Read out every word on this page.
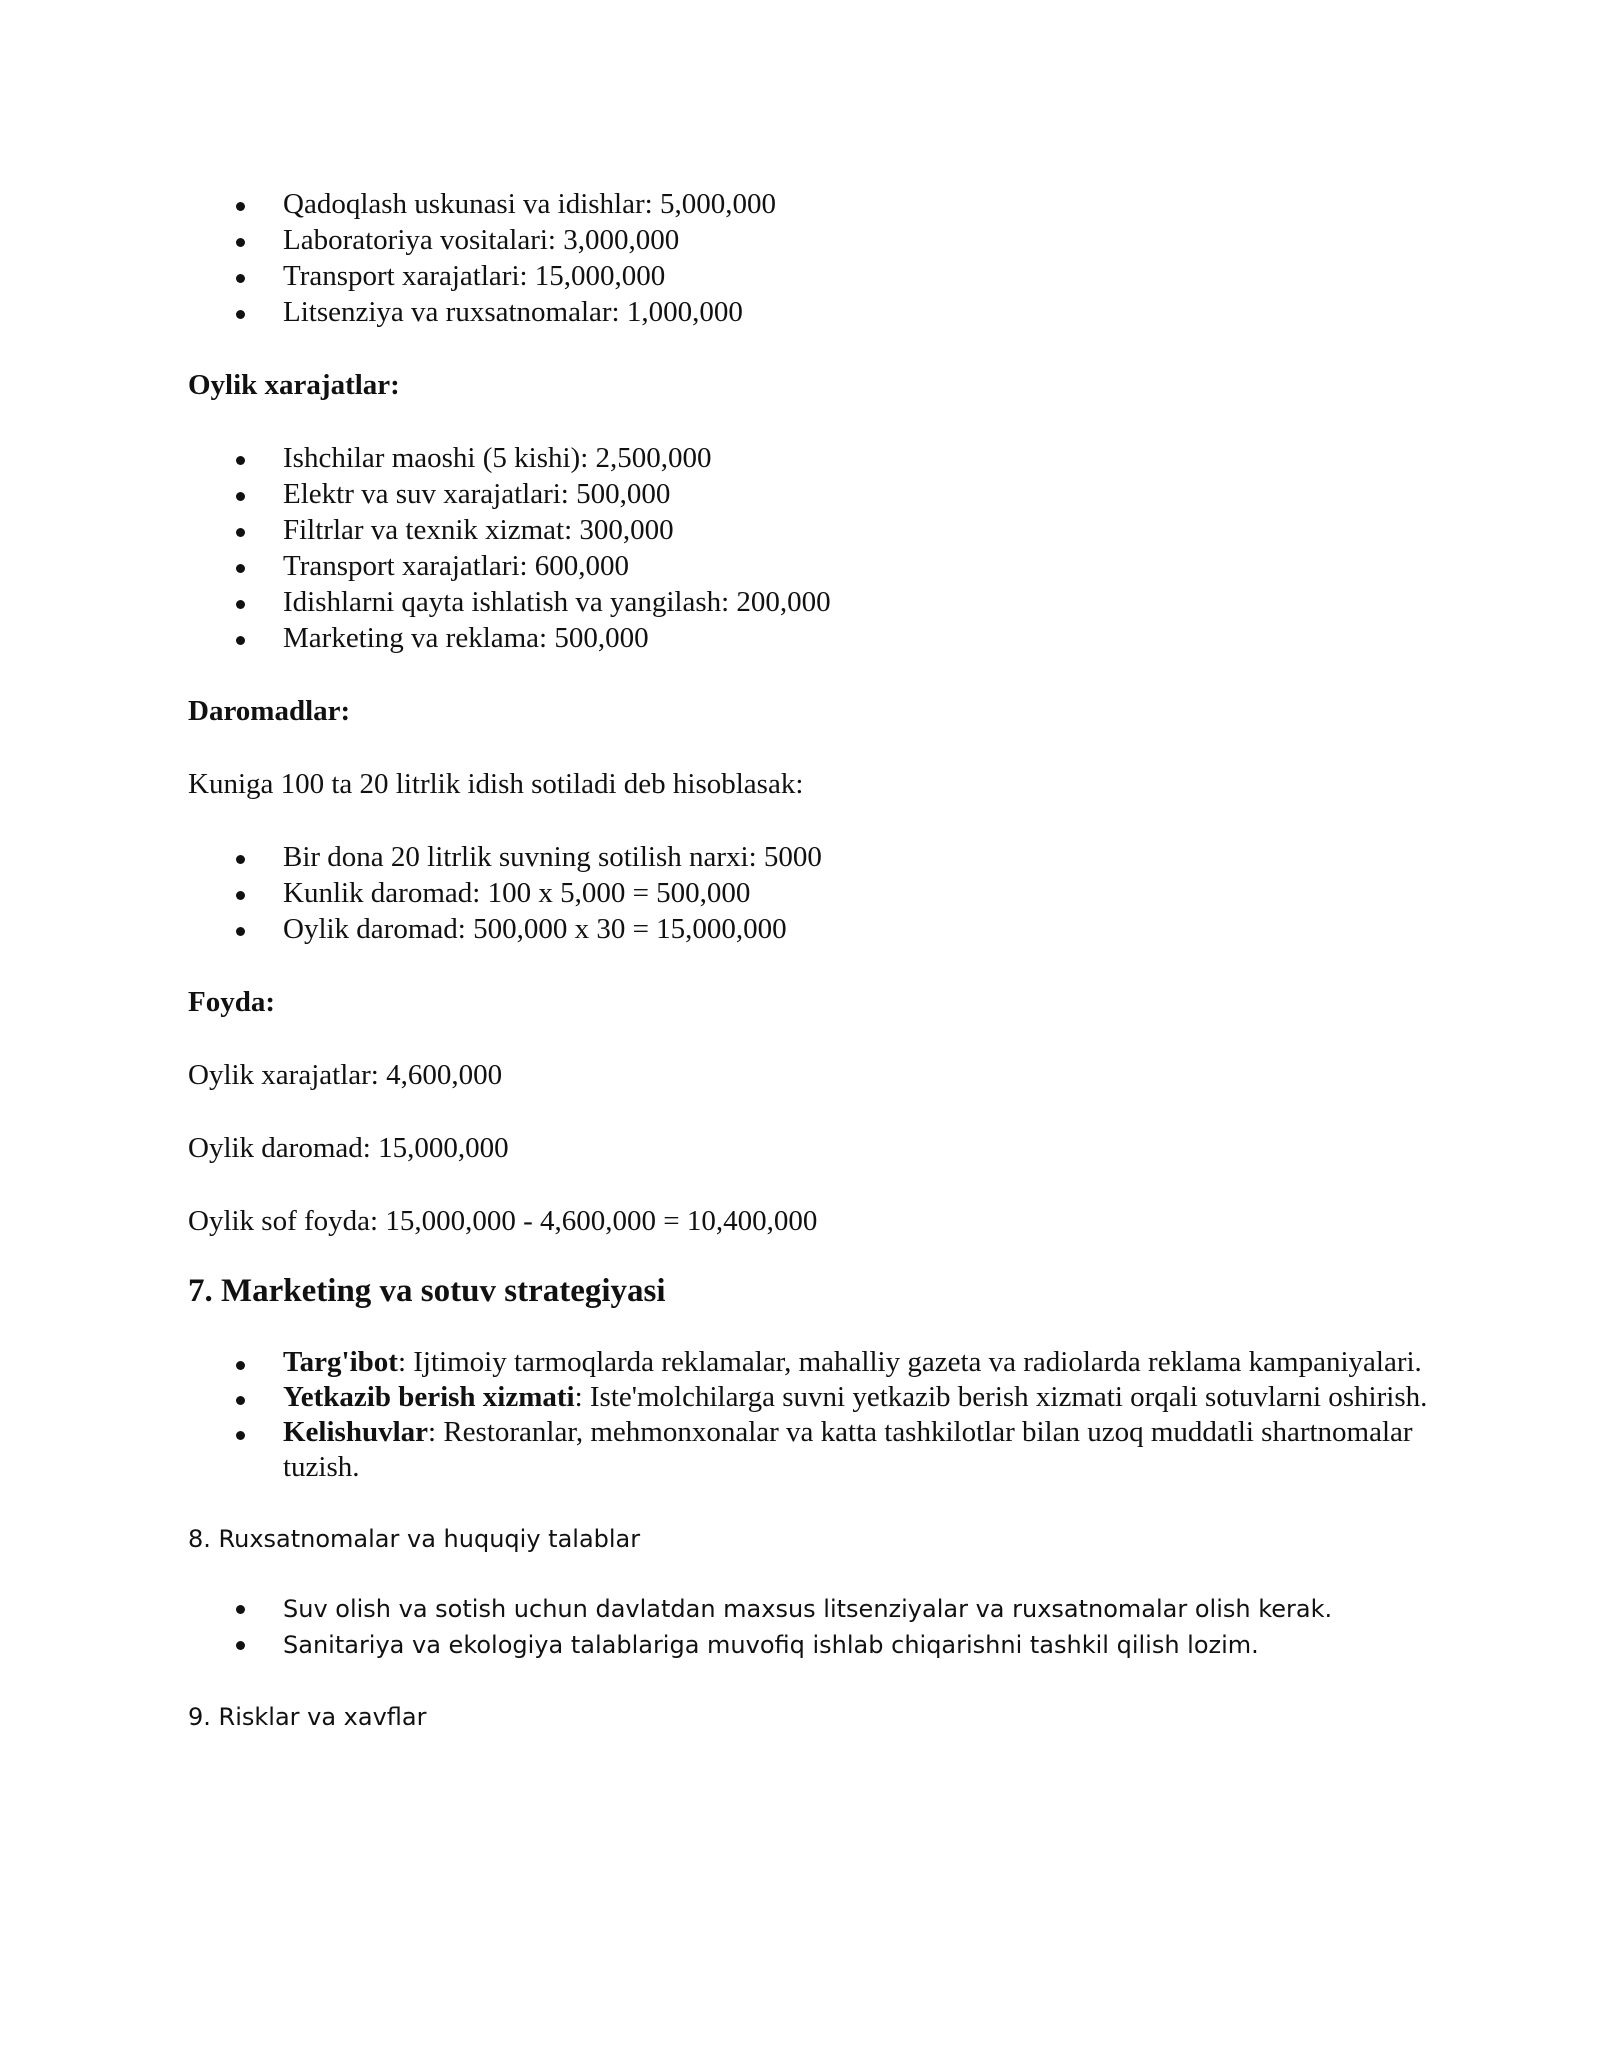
Qadoqlash uskunasi va idishlar: 5,000,000
Laboratoriya vositalari: 3,000,000
Transport xarajatlari: 15,000,000
Litsenziya va ruxsatnomalar: 1,000,000

Oylik xarajatlar:

Ishchilar maoshi (5 kishi): 2,500,000
Elektr va suv xarajatlari: 500,000
Filtrlar va texnik xizmat: 300,000
Transport xarajatlari: 600,000
Idishlarni qayta ishlatish va yangilash: 200,000
Marketing va reklama: 500,000

Daromadlar:

Kuniga 100 ta 20 litrlik idish sotiladi deb hisoblasak:

Bir dona 20 litrlik suvning sotilish narxi: 5000
Kunlik daromad: 100 x 5,000 = 500,000
Oylik daromad: 500,000 x 30 = 15,000,000

Foyda:

Oylik xarajatlar: 4,600,000

Oylik daromad: 15,000,000

Oylik sof foyda: 15,000,000 - 4,600,000 = 10,400,000

7. Marketing va sotuv strategiyasi

Targ'ibot: Ijtimoiy tarmoqlarda reklamalar, mahalliy gazeta va radiolarda reklama kampaniyalari.
Yetkazib berish xizmati: Iste'molchilarga suvni yetkazib berish xizmati orqali sotuvlarni oshirish.
Kelishuvlar: Restoranlar, mehmonxonalar va katta tashkilotlar bilan uzoq muddatli shartnomalar tuzish.

8. Ruxsatnomalar va huquqiy talablar

Suv olish va sotish uchun davlatdan maxsus litsenziyalar va ruxsatnomalar olish kerak.
Sanitariya va ekologiya talablariga muvofiq ishlab chiqarishni tashkil qilish lozim.

9. Risklar va xavflar
